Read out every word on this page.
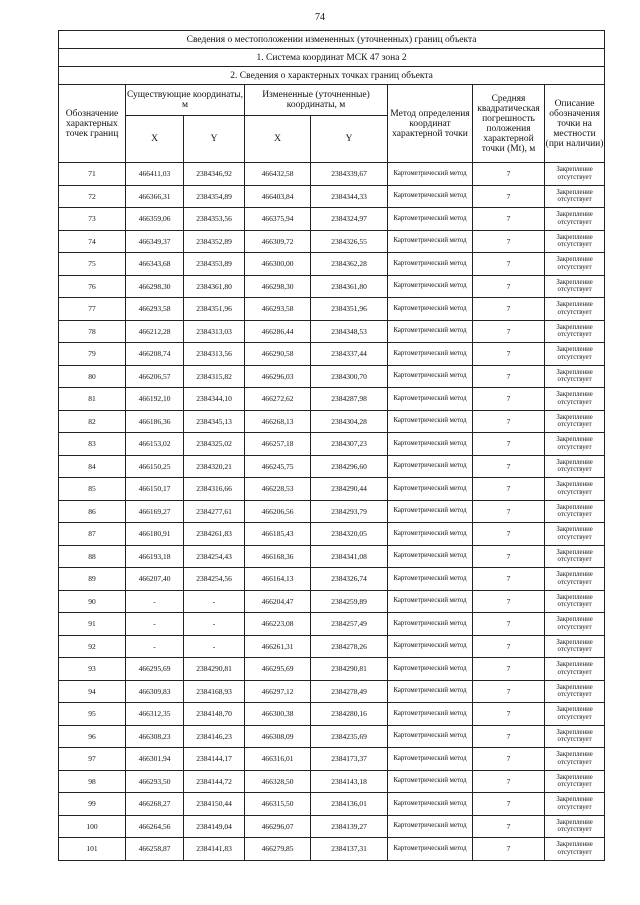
74
Сведения о местоположении измененных (уточненных) границ объекта							
1. Система координат МСК 47 зона 2							
2. Сведения о характерных точках границ объекта							
Обозначение характерных точек границ	Существующие координаты, м		Измененные (уточненные) координаты, м		Метод определения координат характерной точки	Средняя квадратическая погрешность положения характерной точки (Mt), м	Описание обозначения точки на местности (при наличии)
	X	Y	X	Y			
71	466411,03	2384346,92	466432,58	2384339,67	Картометрический метод	7	Закрепление отсутствует
72	466366,31	2384354,89	466403,84	2384344,33	Картометрический метод	7	Закрепление отсутствует
73	466359,06	2384353,56	466375,94	2384324,97	Картометрический метод	7	Закрепление отсутствует
74	466349,37	2384352,89	466309,72	2384326,55	Картометрический метод	7	Закрепление отсутствует
75	466343,68	2384353,89	466300,00	2384362,28	Картометрический метод	7	Закрепление отсутствует
76	466298,30	2384361,80	466298,30	2384361,80	Картометрический метод	7	Закрепление отсутствует
77	466293,58	2384351,96	466293,58	2384351,96	Картометрический метод	7	Закрепление отсутствует
78	466212,28	2384313,03	466286,44	2384348,53	Картометрический метод	7	Закрепление отсутствует
79	466208,74	2384313,56	466290,58	2384337,44	Картометрический метод	7	Закрепление отсутствует
80	466206,57	2384315,82	466296,03	2384300,70	Картометрический метод	7	Закрепление отсутствует
81	466192,10	2384344,10	466272,62	2384287,98	Картометрический метод	7	Закрепление отсутствует
82	466186,36	2384345,13	466268,13	2384304,28	Картометрический метод	7	Закрепление отсутствует
83	466153,02	2384325,02	466257,18	2384307,23	Картометрический метод	7	Закрепление отсутствует
84	466150,25	2384320,21	466245,75	2384296,60	Картометрический метод	7	Закрепление отсутствует
85	466150,17	2384316,66	466228,53	2384290,44	Картометрический метод	7	Закрепление отсутствует
86	466169,27	2384277,61	466206,56	2384293,79	Картометрический метод	7	Закрепление отсутствует
87	466180,91	2384261,83	466185,43	2384320,05	Картометрический метод	7	Закрепление отсутствует
88	466193,18	2384254,43	466168,36	2384341,08	Картометрический метод	7	Закрепление отсутствует
89	466207,40	2384254,56	466164,13	2384326,74	Картометрический метод	7	Закрепление отсутствует
90	-	-	466204,47	2384259,89	Картометрический метод	7	Закрепление отсутствует
91	-	-	466223,08	2384257,49	Картометрический метод	7	Закрепление отсутствует
92	-	-	466261,31	2384278,26	Картометрический метод	7	Закрепление отсутствует
93	466295,69	2384290,81	466295,69	2384290,81	Картометрический метод	7	Закрепление отсутствует
94	466309,83	2384168,93	466297,12	2384278,49	Картометрический метод	7	Закрепление отсутствует
95	466312,35	2384148,70	466300,38	2384280,16	Картометрический метод	7	Закрепление отсутствует
96	466308,23	2384146,23	466308,09	2384235,69	Картометрический метод	7	Закрепление отсутствует
97	466301,94	2384144,17	466316,01	2384173,37	Картометрический метод	7	Закрепление отсутствует
98	466293,50	2384144,72	466328,50	2384143,18	Картометрический метод	7	Закрепление отсутствует
99	466268,27	2384150,44	466315,50	2384136,01	Картометрический метод	7	Закрепление отсутствует
100	466264,56	2384149,04	466296,07	2384139,27	Картометрический метод	7	Закрепление отсутствует
101	466258,87	2384141,83	466279,85	2384137,31	Картометрический метод	7	Закрепление отсутствует
